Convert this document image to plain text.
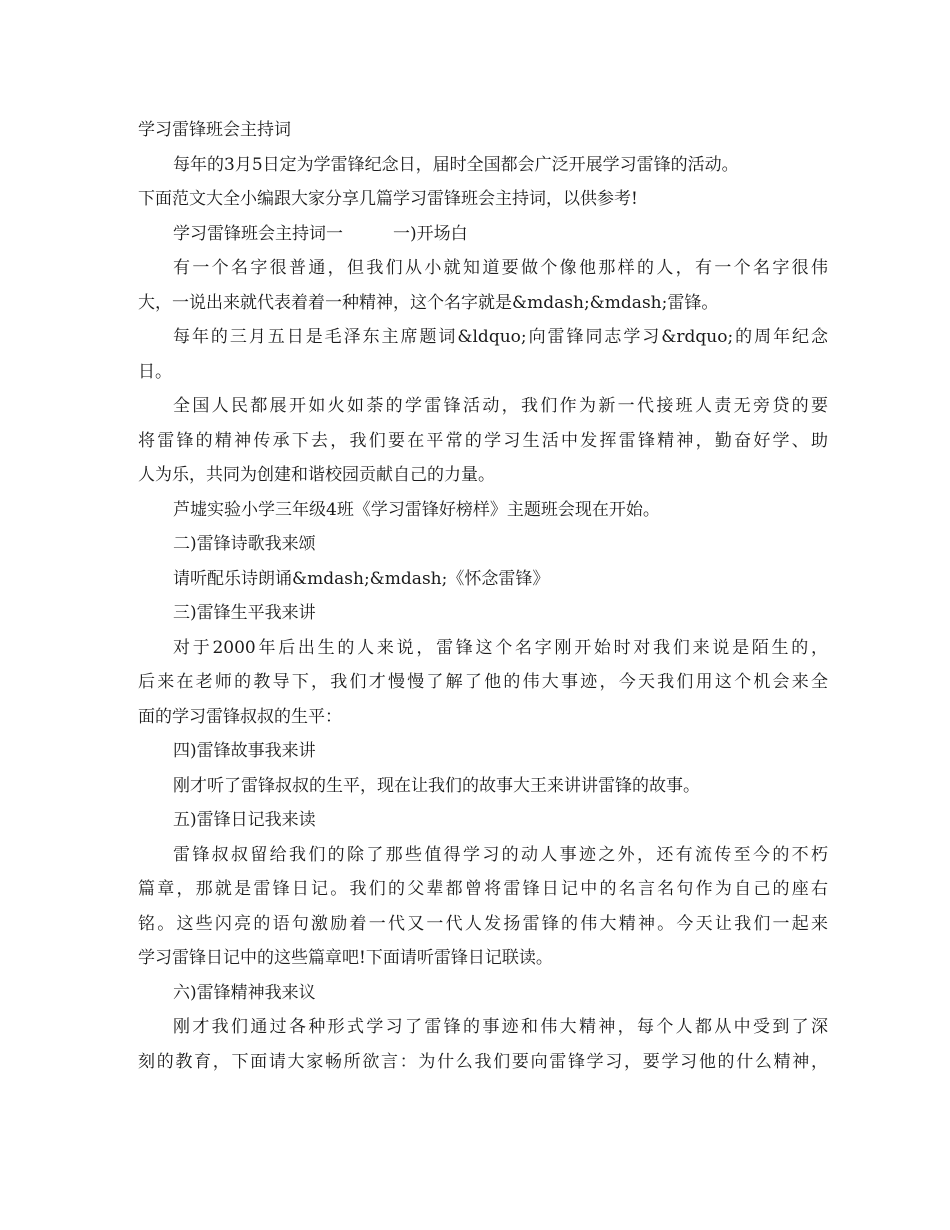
学习雷锋班会主持词
每年的3月5日定为学雷锋纪念日，届时全国都会广泛开展学习雷锋的活动。
下面范文大全小编跟大家分享几篇学习雷锋班会主持词，以供参考!
学习雷锋班会主持词一	一)开场白
有一个名字很普通，但我们从小就知道要做个像他那样的人，有一个名字很伟
大，一说出来就代表着着一种精神，这个名字就是&mdash;&mdash;雷锋。
每年的三月五日是毛泽东主席题词&ldquo;向雷锋同志学习&rdquo;的周年纪念
日。
全国人民都展开如火如荼的学雷锋活动，我们作为新一代接班人责无旁贷的要
将雷锋的精神传承下去，我们要在平常的学习生活中发挥雷锋精神，勤奋好学、助
人为乐，共同为创建和谐校园贡献自己的力量。
芦墟实验小学三年级4班《学习雷锋好榜样》主题班会现在开始。
二)雷锋诗歌我来颂
请听配乐诗朗诵&mdash;&mdash;《怀念雷锋》
三)雷锋生平我来讲
对于2000年后出生的人来说，雷锋这个名字刚开始时对我们来说是陌生的，
后来在老师的教导下，我们才慢慢了解了他的伟大事迹，今天我们用这个机会来全
面的学习雷锋叔叔的生平：
四)雷锋故事我来讲
刚才听了雷锋叔叔的生平，现在让我们的故事大王来讲讲雷锋的故事。
五)雷锋日记我来读
雷锋叔叔留给我们的除了那些值得学习的动人事迹之外，还有流传至今的不朽
篇章，那就是雷锋日记。我们的父辈都曾将雷锋日记中的名言名句作为自己的座右
铭。这些闪亮的语句激励着一代又一代人发扬雷锋的伟大精神。今天让我们一起来
学习雷锋日记中的这些篇章吧!下面请听雷锋日记联读。
六)雷锋精神我来议
刚才我们通过各种形式学习了雷锋的事迹和伟大精神，每个人都从中受到了深
刻的教育，下面请大家畅所欲言：为什么我们要向雷锋学习，要学习他的什么精神，
